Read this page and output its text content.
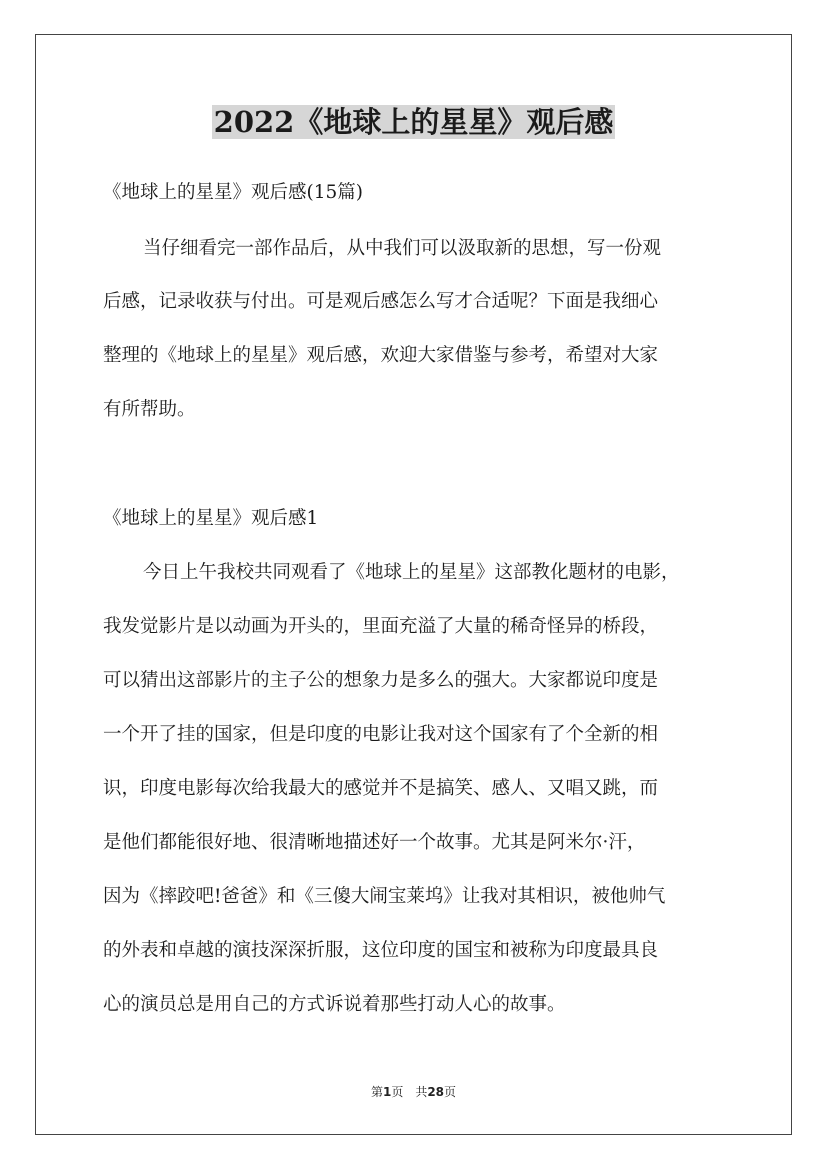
2022《地球上的星星》观后感
《地球上的星星》观后感(15篇)
当仔细看完一部作品后，从中我们可以汲取新的思想，写一份观
后感，记录收获与付出。可是观后感怎么写才合适呢？下面是我细心
整理的《地球上的星星》观后感，欢迎大家借鉴与参考，希望对大家
有所帮助。
《地球上的星星》观后感1
今日上午我校共同观看了《地球上的星星》这部教化题材的电影，
我发觉影片是以动画为开头的，里面充溢了大量的稀奇怪异的桥段，
可以猜出这部影片的主子公的想象力是多么的强大。大家都说印度是
一个开了挂的国家，但是印度的电影让我对这个国家有了个全新的相
识，印度电影每次给我最大的感觉并不是搞笑、感人、又唱又跳，而
是他们都能很好地、很清晰地描述好一个故事。尤其是阿米尔·汗，
因为《摔跤吧!爸爸》和《三傻大闹宝莱坞》让我对其相识，被他帅气
的外表和卓越的演技深深折服，这位印度的国宝和被称为印度最具良
心的演员总是用自己的方式诉说着那些打动人心的故事。
第1页　共28页
